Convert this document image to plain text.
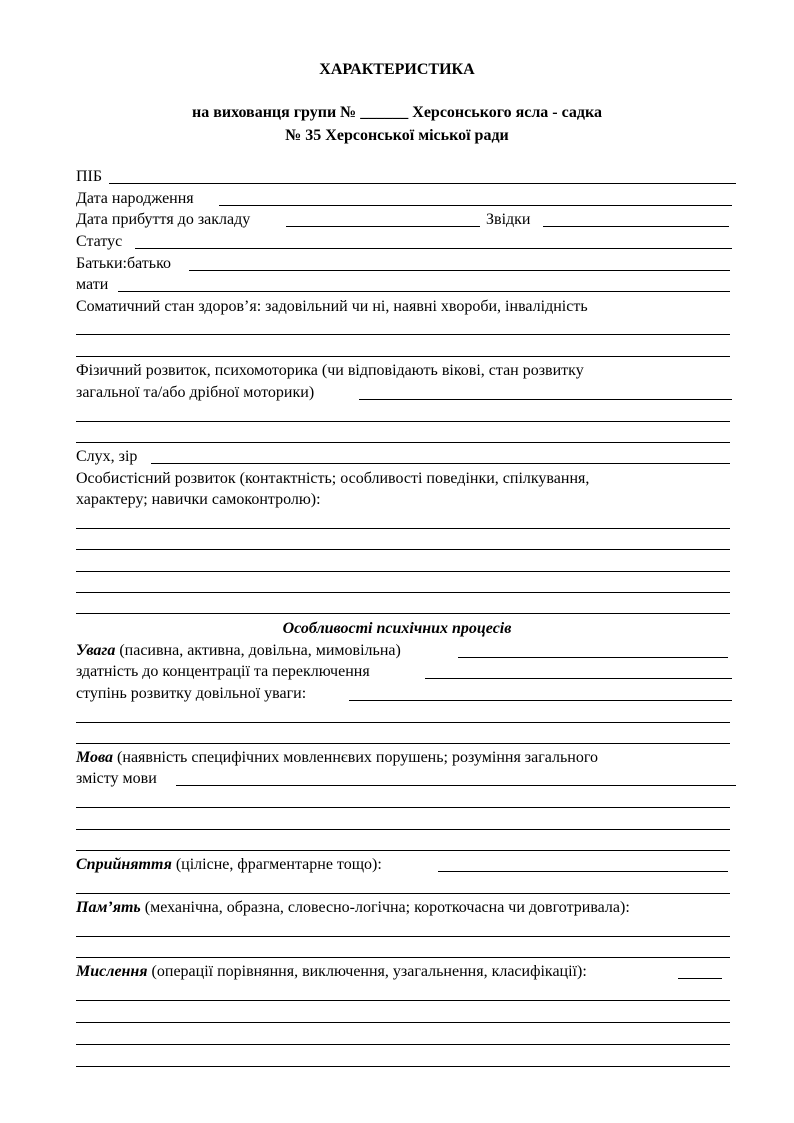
ХАРАКТЕРИСТИКА
на вихованця групи № ______ Херсонського ясла - садка
№ 35 Херсонської міської ради
ПІБ
Дата народження
Дата прибуття до закладу	Звідки
Статус
Батьки:батько
мати
Соматичний стан здоров’я: задовільний чи ні, наявні хвороби, інвалідність
Фізичний розвиток, психомоторика (чи відповідають вікові, стан розвитку
загальної та/або дрібної моторики)
Слух, зір
Особистісний розвиток (контактність; особливості поведінки, спілкування,
характеру; навички самоконтролю):
Особливості психічних процесів
Увага (пасивна, активна, довільна, мимовільна)
здатність до концентрації та переключення
ступінь розвитку довільної уваги:
Мова (наявність специфічних мовленнєвих порушень; розуміння загального
змісту мови
Сприйняття (цілісне, фрагментарне тощо):
Пам’ять (механічна, образна, словесно-логічна; короткочасна чи довготривала):
Мислення (операції порівняння, виключення, узагальнення, класифікації):
